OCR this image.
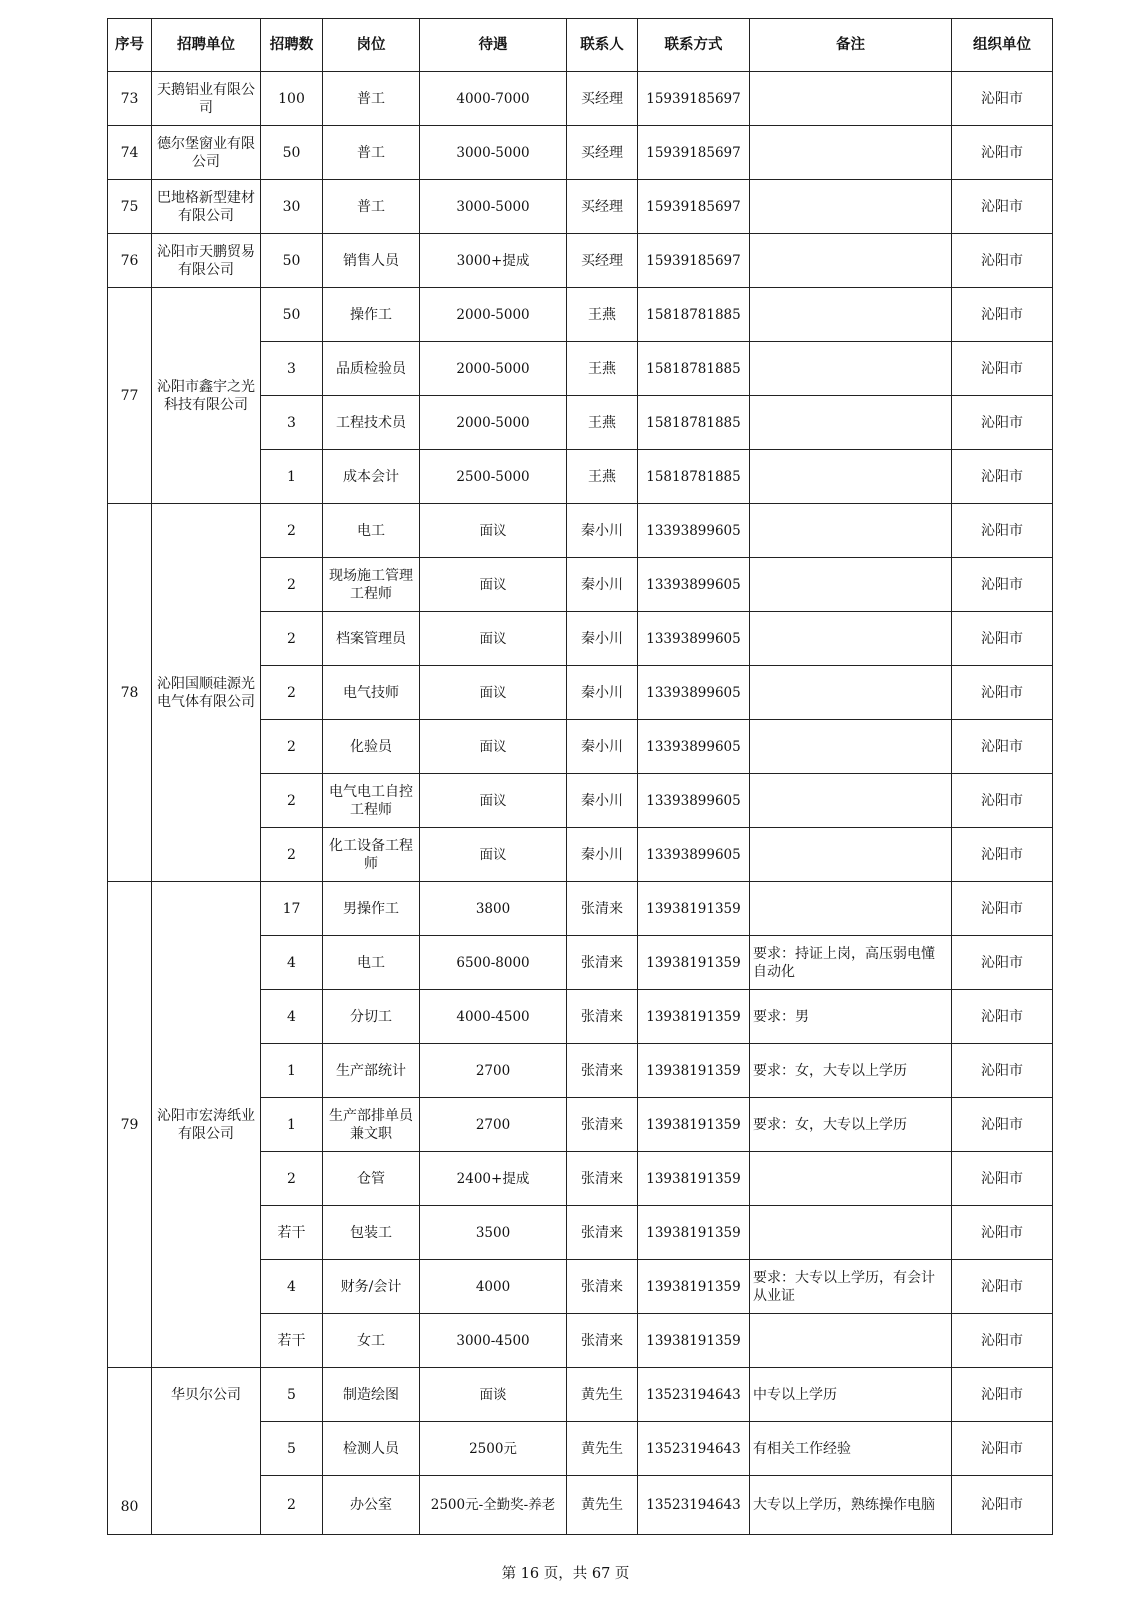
序号	招聘单位	招聘数	岗位	待遇	联系人	联系方式	备注	组织单位
73	天鹅铝业有限公司	100	普工	4000-7000	买经理	15939185697		沁阳市
74	德尔堡窗业有限公司	50	普工	3000-5000	买经理	15939185697		沁阳市
75	巴地格新型建材有限公司	30	普工	3000-5000	买经理	15939185697		沁阳市
76	沁阳市天鹏贸易有限公司	50	销售人员	3000+提成	买经理	15939185697		沁阳市
77	沁阳市鑫宇之光科技有限公司	50	操作工	2000-5000	王燕	15818781885		沁阳市
		3	品质检验员	2000-5000	王燕	15818781885		沁阳市
		3	工程技术员	2000-5000	王燕	15818781885		沁阳市
		1	成本会计	2500-5000	王燕	15818781885		沁阳市
78	沁阳国顺硅源光电气体有限公司	2	电工	面议	秦小川	13393899605		沁阳市
		2	现场施工管理工程师	面议	秦小川	13393899605		沁阳市
		2	档案管理员	面议	秦小川	13393899605		沁阳市
		2	电气技师	面议	秦小川	13393899605		沁阳市
		2	化验员	面议	秦小川	13393899605		沁阳市
		2	电气电工自控工程师	面议	秦小川	13393899605		沁阳市
		2	化工设备工程师	面议	秦小川	13393899605		沁阳市
79	沁阳市宏涛纸业有限公司	17	男操作工	3800	张清来	13938191359		沁阳市
		4	电工	6500-8000	张清来	13938191359	要求：持证上岗，高压弱电懂自动化	沁阳市
		4	分切工	4000-4500	张清来	13938191359	要求：男	沁阳市
		1	生产部统计	2700	张清来	13938191359	要求：女，大专以上学历	沁阳市
		1	生产部排单员兼文职	2700	张清来	13938191359	要求：女，大专以上学历	沁阳市
		2	仓管	2400+提成	张清来	13938191359		沁阳市
		若干	包装工	3500	张清来	13938191359		沁阳市
		4	财务/会计	4000	张清来	13938191359	要求：大专以上学历，有会计从业证	沁阳市
		若干	女工	3000-4500	张清来	13938191359		沁阳市
80	华贝尔公司	5	制造绘图	面谈	黄先生	13523194643	中专以上学历	沁阳市
		5	检测人员	2500元	黄先生	13523194643	有相关工作经验	沁阳市
		2	办公室	2500元-全勤奖-养老	黄先生	13523194643	大专以上学历，熟练操作电脑	沁阳市
第 16 页，共 67 页
